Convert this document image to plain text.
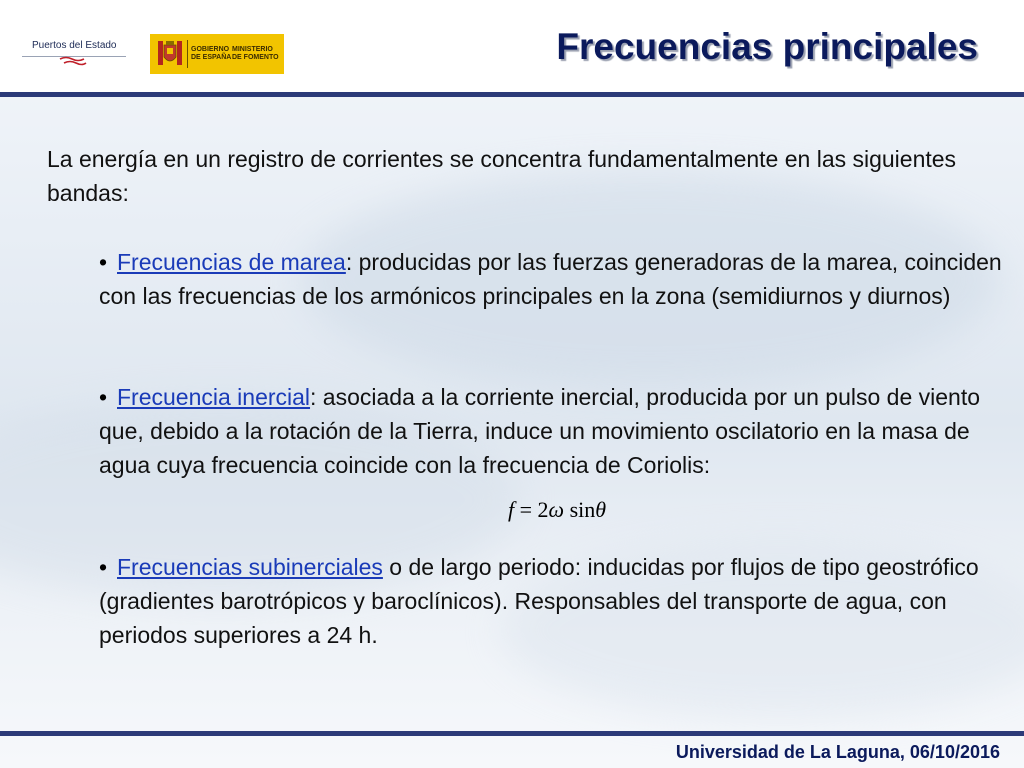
Puertos del Estado	GOBIERNO
DE ESPAÑA
MINISTERIO
DE FOMENTO	Frecuencias principales

La energía en un registro de corrientes se concentra fundamentalmente en las siguientes bandas:

• Frecuencias de marea: producidas por las fuerzas generadoras de la marea, coinciden con las frecuencias de los armónicos principales en la zona (semidiurnos y diurnos)

• Frecuencia inercial: asociada a la corriente inercial, producida por un pulso de viento que, debido a la rotación de la Tierra, induce un movimiento oscilatorio en la masa de agua cuya frecuencia coincide con la frecuencia de Coriolis:

f = 2ω sinθ

• Frecuencias subinerciales o de largo periodo: inducidas por flujos de tipo geostrófico (gradientes barotrópicos y baroclínicos). Responsables del transporte de agua, con periodos superiores a 24 h.

Universidad de La Laguna, 06/10/2016
